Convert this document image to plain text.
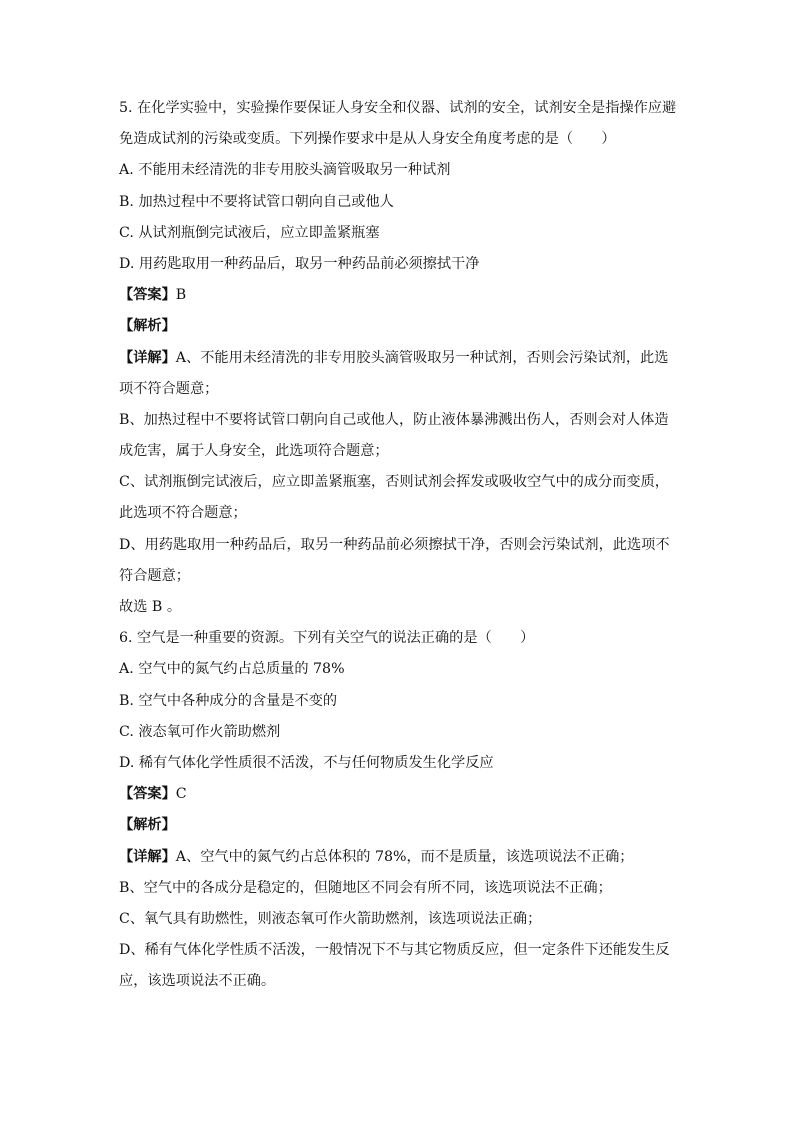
5. 在化学实验中，实验操作要保证人身安全和仪器、试剂的安全，试剂安全是指操作应避

免造成试剂的污染或变质。下列操作要求中是从人身安全角度考虑的是（　　）

A. 不能用未经清洗的非专用胶头滴管吸取另一种试剂

B. 加热过程中不要将试管口朝向自己或他人

C. 从试剂瓶倒完试液后，应立即盖紧瓶塞

D. 用药匙取用一种药品后，取另一种药品前必须擦拭干净

【答案】B

【解析】

【详解】A、不能用未经清洗的非专用胶头滴管吸取另一种试剂，否则会污染试剂，此选

项不符合题意；

B、加热过程中不要将试管口朝向自己或他人，防止液体暴沸溅出伤人，否则会对人体造

成危害，属于人身安全，此选项符合题意；

C、试剂瓶倒完试液后，应立即盖紧瓶塞，否则试剂会挥发或吸收空气中的成分而变质，

此选项不符合题意；

D、用药匙取用一种药品后，取另一种药品前必须擦拭干净，否则会污染试剂，此选项不

符合题意；

故选 B 。

6. 空气是一种重要的资源。下列有关空气的说法正确的是（　　）

A. 空气中的氮气约占总质量的 78%

B. 空气中各种成分的含量是不变的

C. 液态氧可作火箭助燃剂

D. 稀有气体化学性质很不活泼，不与任何物质发生化学反应

【答案】C

【解析】

【详解】A、空气中的氮气约占总体积的 78%，而不是质量，该选项说法不正确；

B、空气中的各成分是稳定的，但随地区不同会有所不同，该选项说法不正确；

C、氧气具有助燃性，则液态氧可作火箭助燃剂，该选项说法正确；

D、稀有气体化学性质不活泼，一般情况下不与其它物质反应，但一定条件下还能发生反

应，该选项说法不正确。
